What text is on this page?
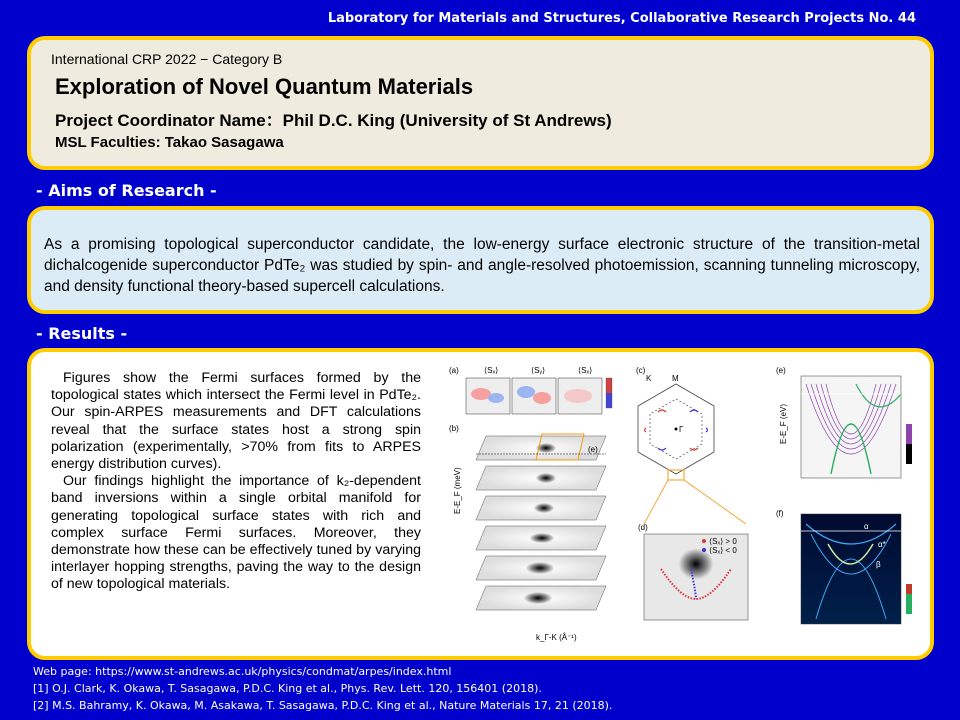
Laboratory for Materials and Structures, Collaborative Research Projects No. 44
International CRP 2022 − Category B
Exploration of Novel Quantum Materials
Project Coordinator Name：Phil D.C. King (University of St Andrews)
MSL Faculties: Takao Sasagawa
- Aims of Research -
As a promising topological superconductor candidate, the low-energy surface electronic structure of the transition-metal dichalcogenide superconductor PdTe₂ was studied by spin- and angle-resolved photoemission, scanning tunneling microscopy, and density functional theory-based supercell calculations.
- Results -

Figures show the Fermi surfaces formed by the topological states which intersect the Fermi level in PdTe₂. Our spin-ARPES measurements and DFT calculations reveal that the surface states host a strong spin polarization (experimentally, >70% from fits to ARPES energy distribution curves).

Our findings highlight the importance of k₂-dependent band inversions within a single orbital manifold for generating topological surface states with rich and complex surface Fermi surfaces. Moreover, they demonstrate how these can be effectively tuned by varying interlayer hopping strengths, paving the way to the design of new topological materials.

(a)	⟨Sₓ⟩	⟨Sᵧ⟩	⟨Sₓ⟩
(b)
E-E_F (meV)
k_Γ-K (Å⁻¹)
(e)
(c)
Γ
K	M
(d)
⟨Sₓ⟩ > 0
⟨Sₓ⟩ < 0
(e)
E-E_F (eV)
(f)
α
α*
β
Web page: https://www.st-andrews.ac.uk/physics/condmat/arpes/index.html
[1] O.J. Clark, K. Okawa, T. Sasagawa, P.D.C. King et al., Phys. Rev. Lett. 120, 156401 (2018).
[2] M.S. Bahramy, K. Okawa, M. Asakawa, T. Sasagawa, P.D.C. King et al., Nature Materials 17, 21 (2018).
